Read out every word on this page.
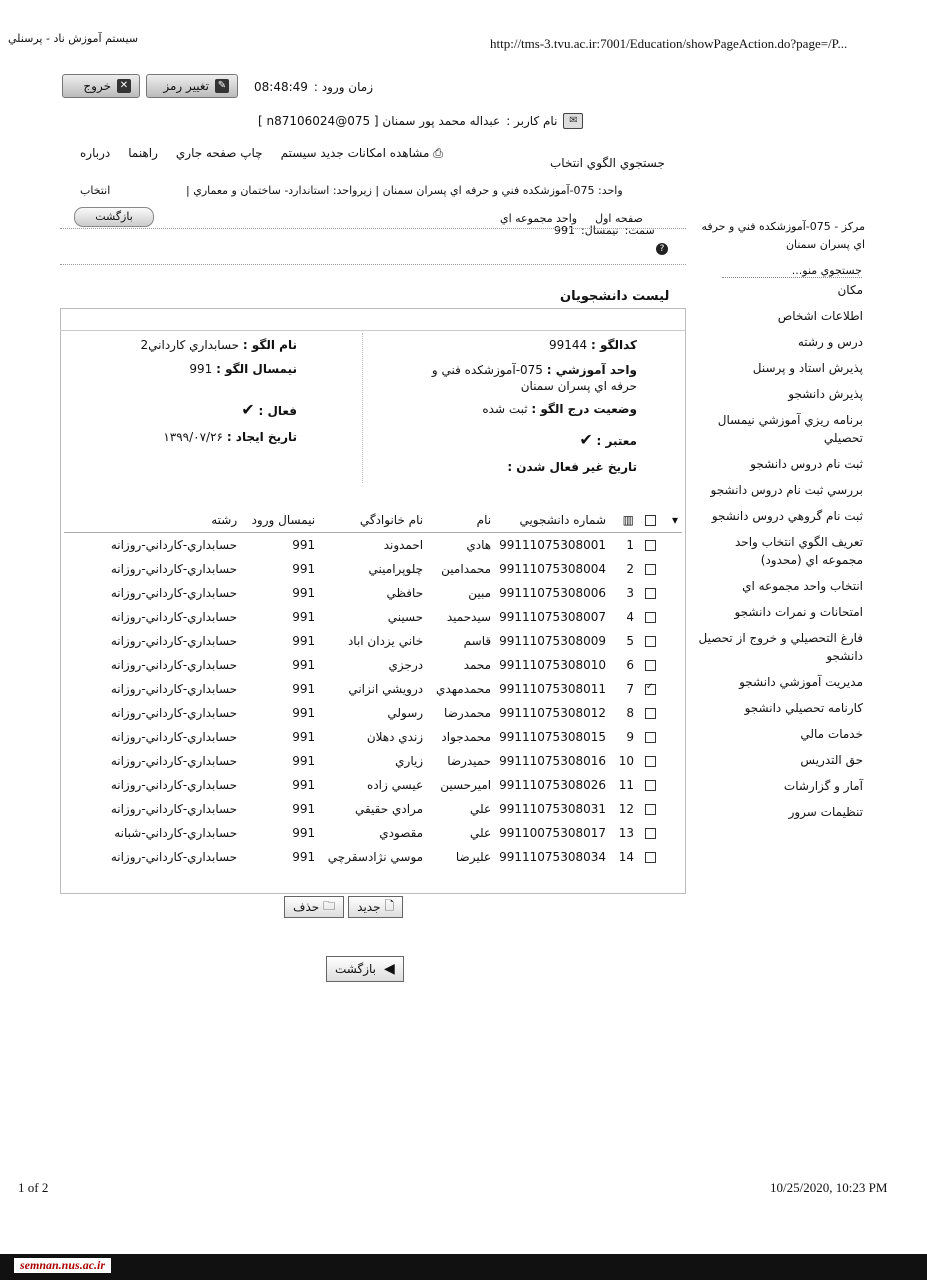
سيستم آموزش ناد - پرسنلي	http://tms-3.tvu.ac.ir:7001/Education/showPageAction.do?page=/P...
✕
خروج	✎
تغيير رمز	زمان ورود :
08:48:49
✉
نام کاربر :
عبداله محمد پور سمنان [ 075@n87106024 ]
⎙ مشاهده امکانات جديد سيستم
چاپ صفحه جاري
راهنما
درباره
جستجوي الگوي انتخاب
واحد: 075-آموزشکده فني و حرفه اي پسران سمنان | زيرواحد: استاندارد- ساختمان و معماري |
انتخاب
بازگشت	صفحه اول
واحد مجموعه اي
سمت:
نيمسال:
991
?
مرکز - 075-آموزشکده فني و حرفه اي پسران سمنان
جستجوي منو...
مکان
اطلاعات اشخاص
درس و رشته
پذيرش استاد و پرسنل
پذيرش دانشجو
برنامه ريزي آموزشي نيمسال تحصيلي
ثبت نام دروس دانشجو
بررسي ثبت نام دروس دانشجو
ثبت نام گروهي دروس دانشجو
تعريف الگوي انتخاب واحد مجموعه اي (محدود)
انتخاب واحد مجموعه اي
امتحانات و نمرات دانشجو
فارغ التحصيلي و خروج از تحصيل دانشجو
مديريت آموزشي دانشجو
کارنامه تحصيلي دانشجو
خدمات مالي
حق التدريس
آمار و گزارشات
تنظيمات سرور
ليست دانشجويان
کدالگو : 99144
واحد آموزشي : 075-آموزشکده فني و حرفه اي پسران سمنان
وضعيت درج الگو : ثبت شده
معتبر : ✔
تاريخ غير فعال شدن :
نام الگو : حسابداري کارداني2
نيمسال الگو : 991
فعال : ✔
تاريخ ايجاد : ۱۳۹۹/۰۷/۲۶
▾		▥	شماره دانشجويي	نام	نام خانوادگي	نيمسال ورود	رشته
		1	99111075308001	هادي	احمدوند	991	حسابداري-کارداني-روزانه
		2	99111075308004	محمدامين	چلوپراميني	991	حسابداري-کارداني-روزانه
		3	99111075308006	مبين	حافظي	991	حسابداري-کارداني-روزانه
		4	99111075308007	سيدحميد	حسيني	991	حسابداري-کارداني-روزانه
		5	99111075308009	قاسم	خاني يزدان اباد	991	حسابداري-کارداني-روزانه
		6	99111075308010	محمد	درجزي	991	حسابداري-کارداني-روزانه
	✓	7	99111075308011	محمدمهدي	درويشي انزاني	991	حسابداري-کارداني-روزانه
		8	99111075308012	محمدرضا	رسولي	991	حسابداري-کارداني-روزانه
		9	99111075308015	محمدجواد	زندي دهلان	991	حسابداري-کارداني-روزانه
		10	99111075308016	حميدرضا	زياري	991	حسابداري-کارداني-روزانه
		11	99111075308026	اميرحسين	عيسي زاده	991	حسابداري-کارداني-روزانه
		12	99111075308031	علي	مرادي حقيقي	991	حسابداري-کارداني-روزانه
		13	99110075308017	علي	مقصودي	991	حسابداري-کارداني-شبانه
		14	99111075308034	عليرضا	موسي نژادسقرچي	991	حسابداري-کارداني-روزانه
🗋
جديد
🗀
حذف
◀
بازگشت
1 of 2	10/25/2020, 10:23 PM
semnan.nus.ac.ir
